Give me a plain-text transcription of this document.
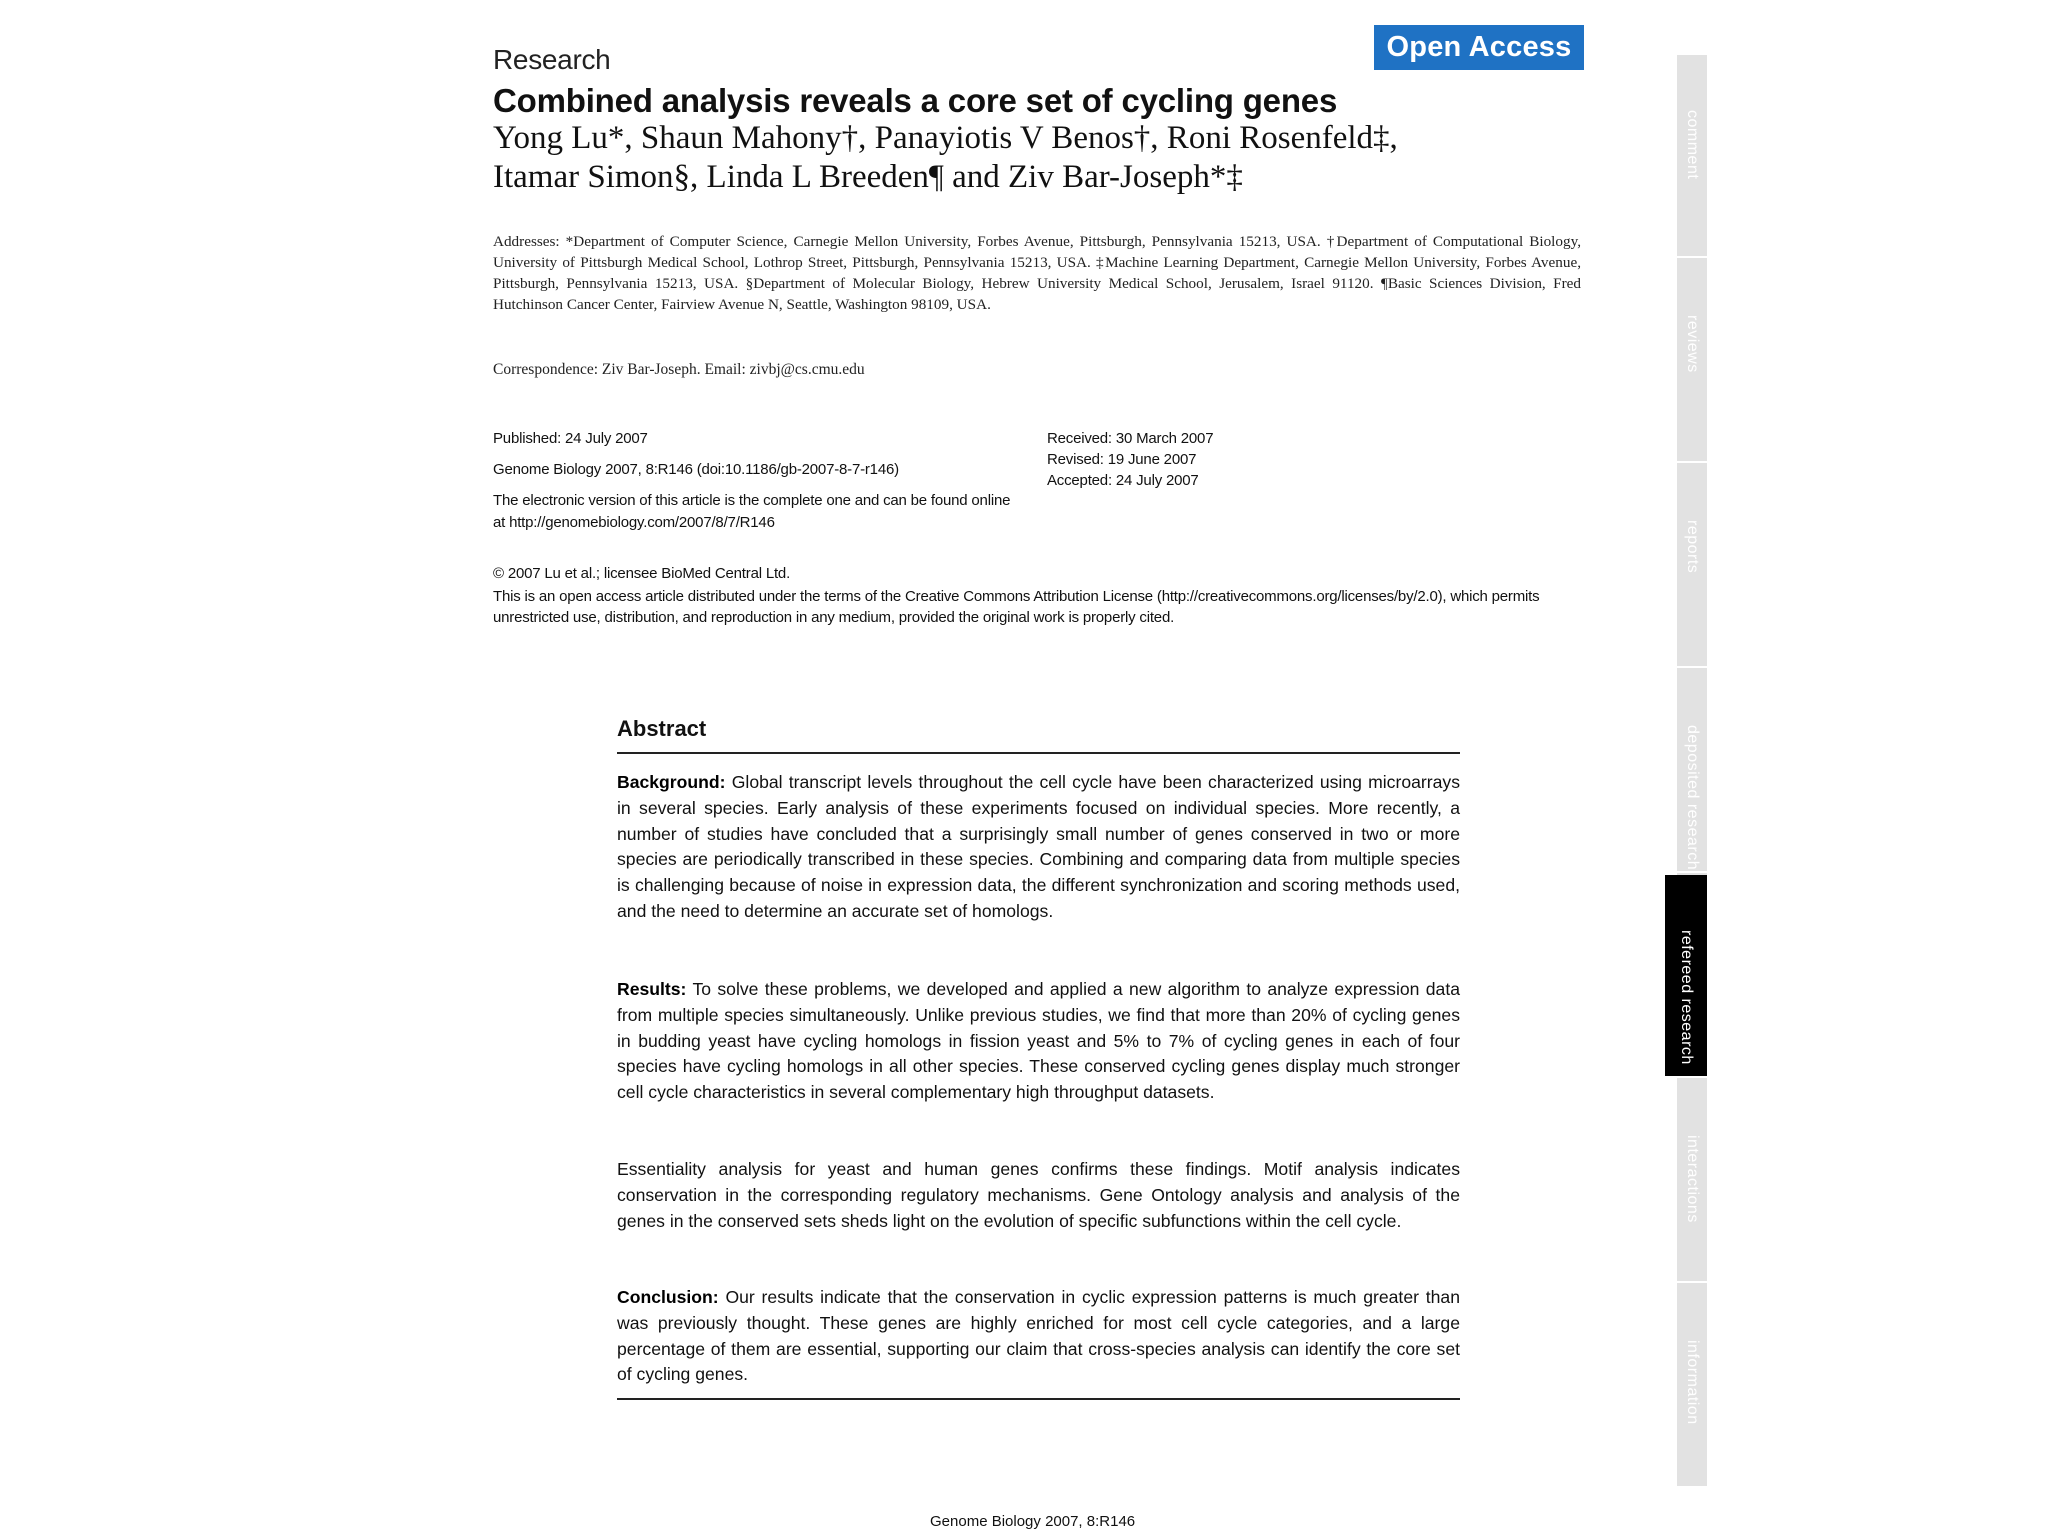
Research	Open Access
Combined analysis reveals a core set of cycling genes
Yong Lu*, Shaun Mahony†, Panayiotis V Benos†, Roni Rosenfeld‡,
Itamar Simon§, Linda L Breeden¶ and Ziv Bar-Joseph*‡
Addresses: *Department of Computer Science, Carnegie Mellon University, Forbes Avenue, Pittsburgh, Pennsylvania 15213, USA. †Department of Computational Biology, University of Pittsburgh Medical School, Lothrop Street, Pittsburgh, Pennsylvania 15213, USA. ‡Machine Learning Department, Carnegie Mellon University, Forbes Avenue, Pittsburgh, Pennsylvania 15213, USA. §Department of Molecular Biology, Hebrew University Medical School, Jerusalem, Israel 91120. ¶Basic Sciences Division, Fred Hutchinson Cancer Center, Fairview Avenue N, Seattle, Washington 98109, USA.
Correspondence: Ziv Bar-Joseph. Email: zivbj@cs.cmu.edu
Published: 24 July 2007
Genome Biology 2007, 8:R146 (doi:10.1186/gb-2007-8-7-r146)
The electronic version of this article is the complete one and can be found online at http://genomebiology.com/2007/8/7/R146
Received: 30 March 2007
Revised: 19 June 2007
Accepted: 24 July 2007
© 2007 Lu et al.; licensee BioMed Central Ltd.
This is an open access article distributed under the terms of the Creative Commons Attribution License (http://creativecommons.org/licenses/by/2.0), which permits unrestricted use, distribution, and reproduction in any medium, provided the original work is properly cited.
Abstract
Background: Global transcript levels throughout the cell cycle have been characterized using microarrays in several species. Early analysis of these experiments focused on individual species. More recently, a number of studies have concluded that a surprisingly small number of genes conserved in two or more species are periodically transcribed in these species. Combining and comparing data from multiple species is challenging because of noise in expression data, the different synchronization and scoring methods used, and the need to determine an accurate set of homologs.
Results: To solve these problems, we developed and applied a new algorithm to analyze expression data from multiple species simultaneously. Unlike previous studies, we find that more than 20% of cycling genes in budding yeast have cycling homologs in fission yeast and 5% to 7% of cycling genes in each of four species have cycling homologs in all other species. These conserved cycling genes display much stronger cell cycle characteristics in several complementary high throughput datasets.
Essentiality analysis for yeast and human genes confirms these findings. Motif analysis indicates conservation in the corresponding regulatory mechanisms. Gene Ontology analysis and analysis of the genes in the conserved sets sheds light on the evolution of specific subfunctions within the cell cycle.
Conclusion: Our results indicate that the conservation in cyclic expression patterns is much greater than was previously thought. These genes are highly enriched for most cell cycle categories, and a large percentage of them are essential, supporting our claim that cross-species analysis can identify the core set of cycling genes.
Genome Biology 2007, 8:R146
comment
reviews
reports
deposited research
refereed research
interactions
information
